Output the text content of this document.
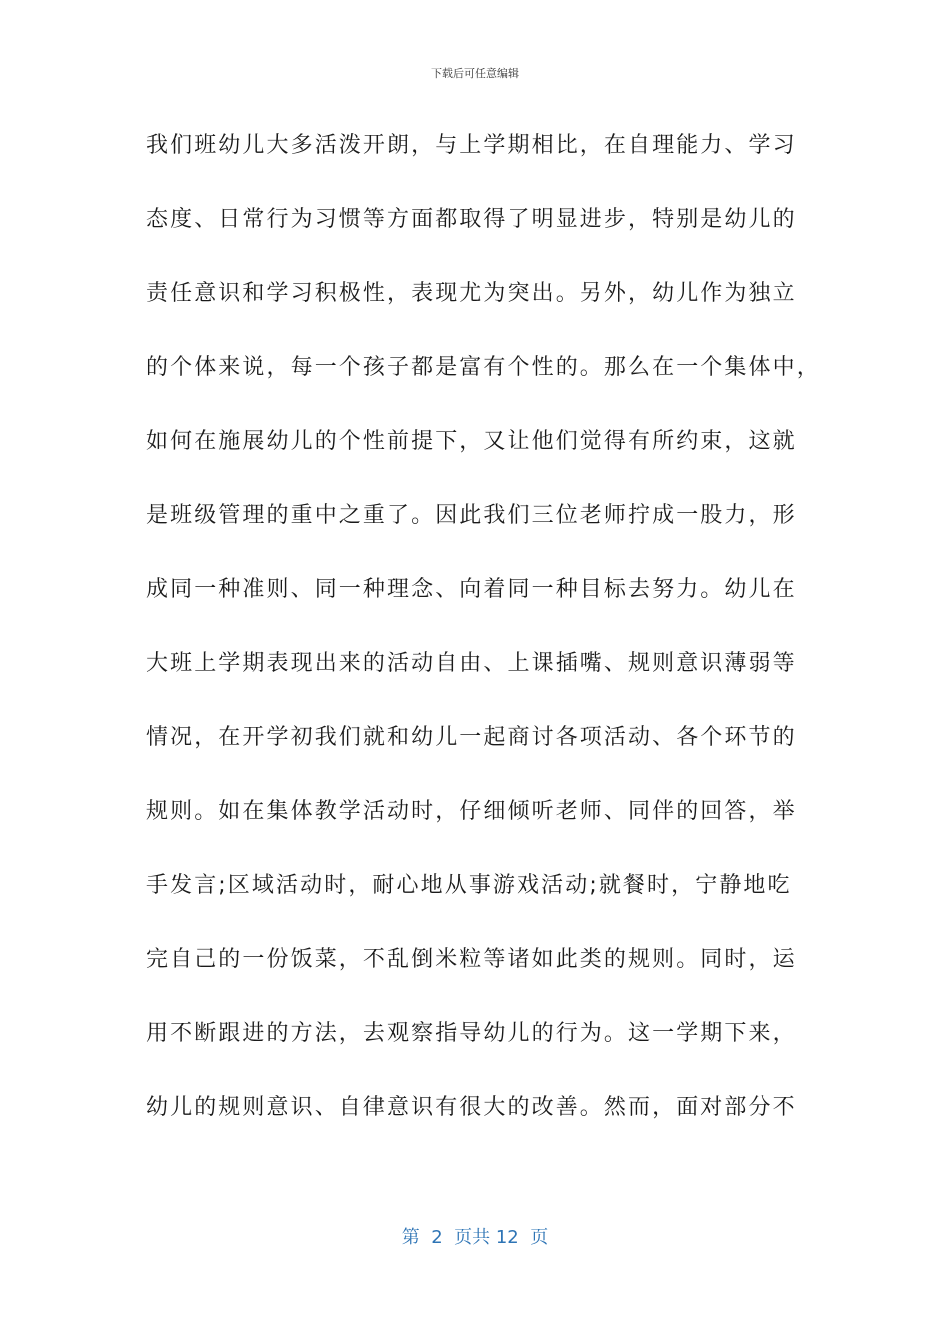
下载后可任意编辑
我们班幼儿大多活泼开朗，与上学期相比，在自理能力、学习
态度、日常行为习惯等方面都取得了明显进步，特别是幼儿的
责任意识和学习积极性，表现尤为突出。另外，幼儿作为独立
的个体来说，每一个孩子都是富有个性的。那么在一个集体中，
如何在施展幼儿的个性前提下，又让他们觉得有所约束，这就
是班级管理的重中之重了。因此我们三位老师拧成一股力，形
成同一种准则、同一种理念、向着同一种目标去努力。幼儿在
大班上学期表现出来的活动自由、上课插嘴、规则意识薄弱等
情况，在开学初我们就和幼儿一起商讨各项活动、各个环节的
规则。如在集体教学活动时，仔细倾听老师、同伴的回答，举
手发言;区域活动时，耐心地从事游戏活动;就餐时，宁静地吃
完自己的一份饭菜，不乱倒米粒等诸如此类的规则。同时，运
用不断跟进的方法，去观察指导幼儿的行为。这一学期下来，
幼儿的规则意识、自律意识有很大的改善。然而，面对部分不
第  2  页共 12  页
